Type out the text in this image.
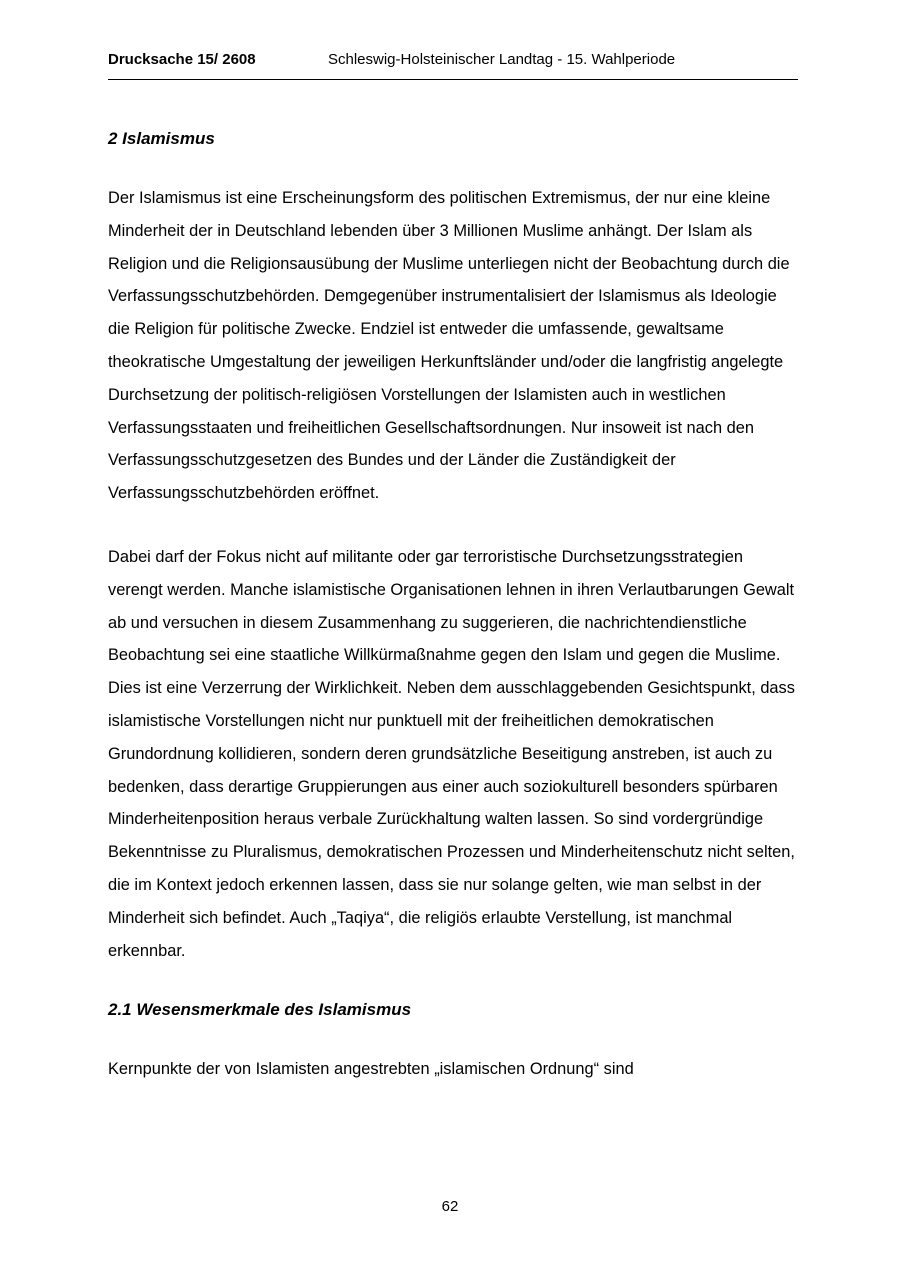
Drucksache 15/ 2608	Schleswig-Holsteinischer Landtag - 15. Wahlperiode
2 Islamismus

Der Islamismus ist eine Erscheinungsform des politischen Extremismus, der nur eine kleine Minderheit der in Deutschland lebenden über 3 Millionen Muslime anhängt. Der Islam als Religion und die Religionsausübung der Muslime unterliegen nicht der Beobachtung durch die Verfassungsschutzbehörden. Demgegenüber instrumentalisiert der Islamismus als Ideologie die Religion für politische Zwecke. Endziel ist entweder die umfassende, gewaltsame theokratische Umgestaltung der jeweiligen Herkunftsländer und/oder die langfristig angelegte Durchsetzung der politisch-religiösen Vorstellungen der Islamisten auch in westlichen Verfassungsstaaten und freiheitlichen Gesellschaftsordnungen. Nur insoweit ist nach den Verfassungsschutzgesetzen des Bundes und der Länder die Zuständigkeit der Verfassungsschutzbehörden eröffnet.

Dabei darf der Fokus nicht auf militante oder gar terroristische Durchsetzungsstrategien verengt werden. Manche islamistische Organisationen lehnen in ihren Verlautbarungen Gewalt ab und versuchen in diesem Zusammenhang zu suggerieren, die nachrichtendienstliche Beobachtung sei eine staatliche Willkürmaßnahme gegen den Islam und gegen die Muslime. Dies ist eine Verzerrung der Wirklichkeit. Neben dem ausschlaggebenden Gesichtspunkt, dass islamistische Vorstellungen nicht nur punktuell mit der freiheitlichen demokratischen Grundordnung kollidieren, sondern deren grundsätzliche Beseitigung anstreben, ist auch zu bedenken, dass derartige Gruppierungen aus einer auch soziokulturell besonders spürbaren Minderheitenposition heraus verbale Zurückhaltung walten lassen. So sind vordergründige Bekenntnisse zu Pluralismus, demokratischen Prozessen und Minderheitenschutz nicht selten, die im Kontext jedoch erkennen lassen, dass sie nur solange gelten, wie man selbst in der Minderheit sich befindet. Auch „Taqiya“, die religiös erlaubte Verstellung, ist manchmal erkennbar.

2.1 Wesensmerkmale des Islamismus

Kernpunkte der von Islamisten angestrebten „islamischen Ordnung“ sind

62
